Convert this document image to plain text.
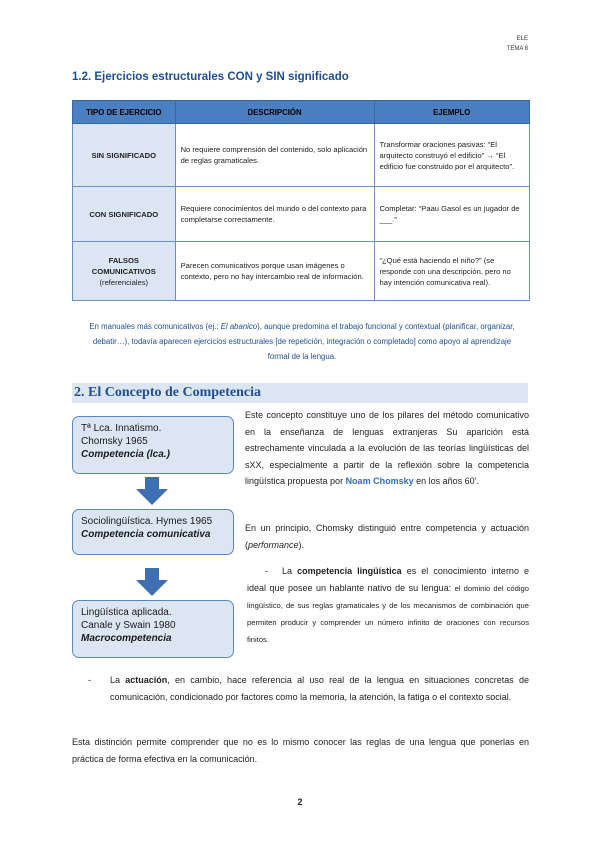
ELE
TEMA 8
1.2. Ejercicios estructurales CON y SIN significado
TIPO DE EJERCICIO	DESCRIPCIÓN	EJEMPLO
SIN SIGNIFICADO	No requiere comprensión del contenido, solo aplicación de reglas gramaticales.	Transformar oraciones pasivas: “El arquitecto construyó el edificio” → “El edificio fue construido por el arquitecto”.
CON SIGNIFICADO	Requiere conocimientos del mundo o del contexto para completarse correctamente.	Completar: “Paau Gasol es un jugador de ___.”

FALSOS COMUNICATIVOS
(referenciales)	Parecen comunicativos porque usan imágenes o contexto, pero no hay intercambio real de información.	“¿Qué está haciendo el niño?” (se responde con una descripción, pero no hay intención comunicativa real).
En manuales más comunicativos (ej.: El abanico), aunque predomina el trabajo funcional y contextual (planificar, organizar, debatir…), todavía aparecen ejercicios estructurales [de repetición, integración o completado] como apoyo al aprendizaje formal de la lengua.
2. El Concepto de Competencia
Tª Lca. Innatismo.
Chomsky 1965
Competencia (lca.)
Sociolingüística. Hymes 1965
Competencia comunicativa
Lingüística aplicada.
Canale y Swain 1980
Macrocompetencia

Este concepto constituye uno de los pilares del método comunicativo en la enseñanza de lenguas extranjeras Su aparición está estrechamente vinculada a la evolución de las teorías lingüísticas del sXX, especialmente a partir de la reflexión sobre la competencia lingüística propuesta por Noam Chomsky en los años 60’.

En un principio, Chomsky distinguió entre competencia y actuación (performance).

- La competencia lingüística es el conocimiento interno e ideal que posee un hablante nativo de su lengua: el dominio del código lingüístico, de sus reglas gramaticales y de los mecanismos de combinación que permiten producir y comprender un número infinito de oraciones con recursos finitos.

-	La actuación, en cambio, hace referencia al uso real de la lengua en situaciones concretas de comunicación, condicionado por factores como la memoria, la atención, la fatiga o el contexto social.

Esta distinción permite comprender que no es lo mismo conocer las reglas de una lengua que ponerlas en práctica de forma efectiva en la comunicación.

2
